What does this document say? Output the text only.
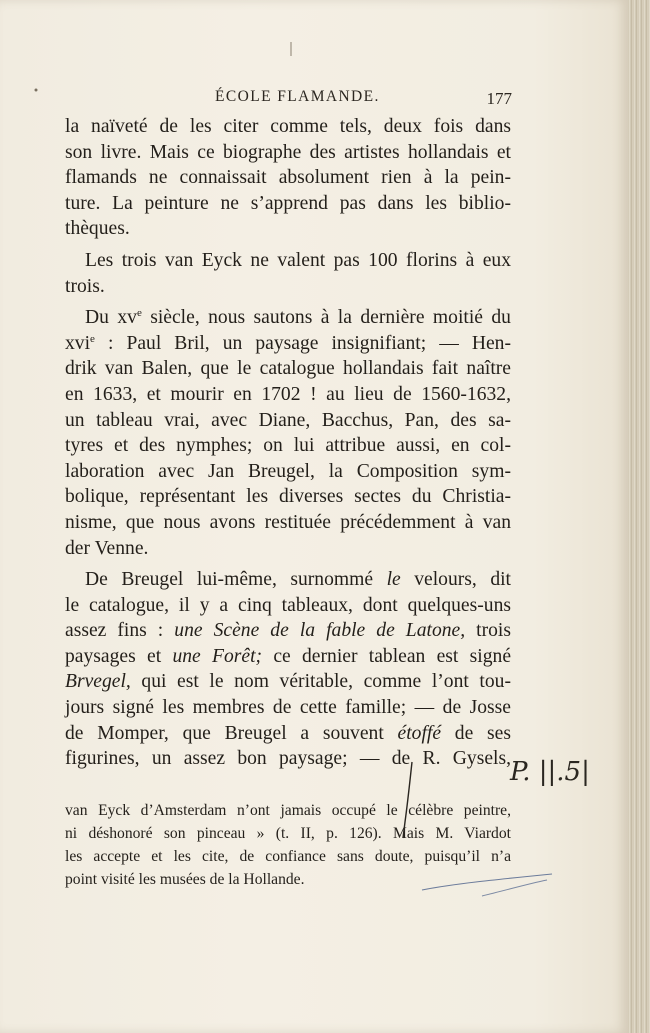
ÉCOLE FLAMANDE.	177

la naïveté de les citer comme tels, deux fois dans
son livre. Mais ce biographe des artistes hollandais et
flamands ne connaissait absolument rien à la pein-
ture. La peinture ne s’apprend pas dans les biblio-
thèques.

Les trois van Eyck ne valent pas 100 florins à eux
trois.

Du $xv^e$ siècle, nous sautons à la dernière moitié du
xvi$^e$ : Paul Bril, un paysage insignifiant; — Hen-
drik van Balen, que le catalogue hollandais fait naître
en 1633, et mourir en 1702 ! au lieu de 1560-1632,
un tableau vrai, avec Diane, Bacchus, Pan, des sa-
tyres et des nymphes; on lui attribue aussi, en col-
laboration avec Jan Breugel, la Composition sym-
bolique, représentant les diverses sectes du Christia-
nisme, que nous avons restituée précédemment à van
der Venne.

De Breugel lui-même, surnommé le velours, dit
le catalogue, il y a cinq tableaux, dont quelques-uns
assez fins : une Scène de la fable de Latone, trois
paysages et une Forêt; ce dernier tablean est signé
Brvegel, qui est le nom véritable, comme l’ont tou-
jours signé les membres de cette famille; — de Josse
de Momper, que Breugel a souvent étoffé de ses
figurines, un assez bon paysage; — de R. Gysels,

van Eyck d’Amsterdam n’ont jamais occupé le célèbre peintre,
ni déshonoré son pinceau » (t. II, p. 126). Mais M. Viardot
les accepte et les cite, de confiance sans doute, puisqu’il n’a
point visité les musées de la Hollande.
P. ||.5|
